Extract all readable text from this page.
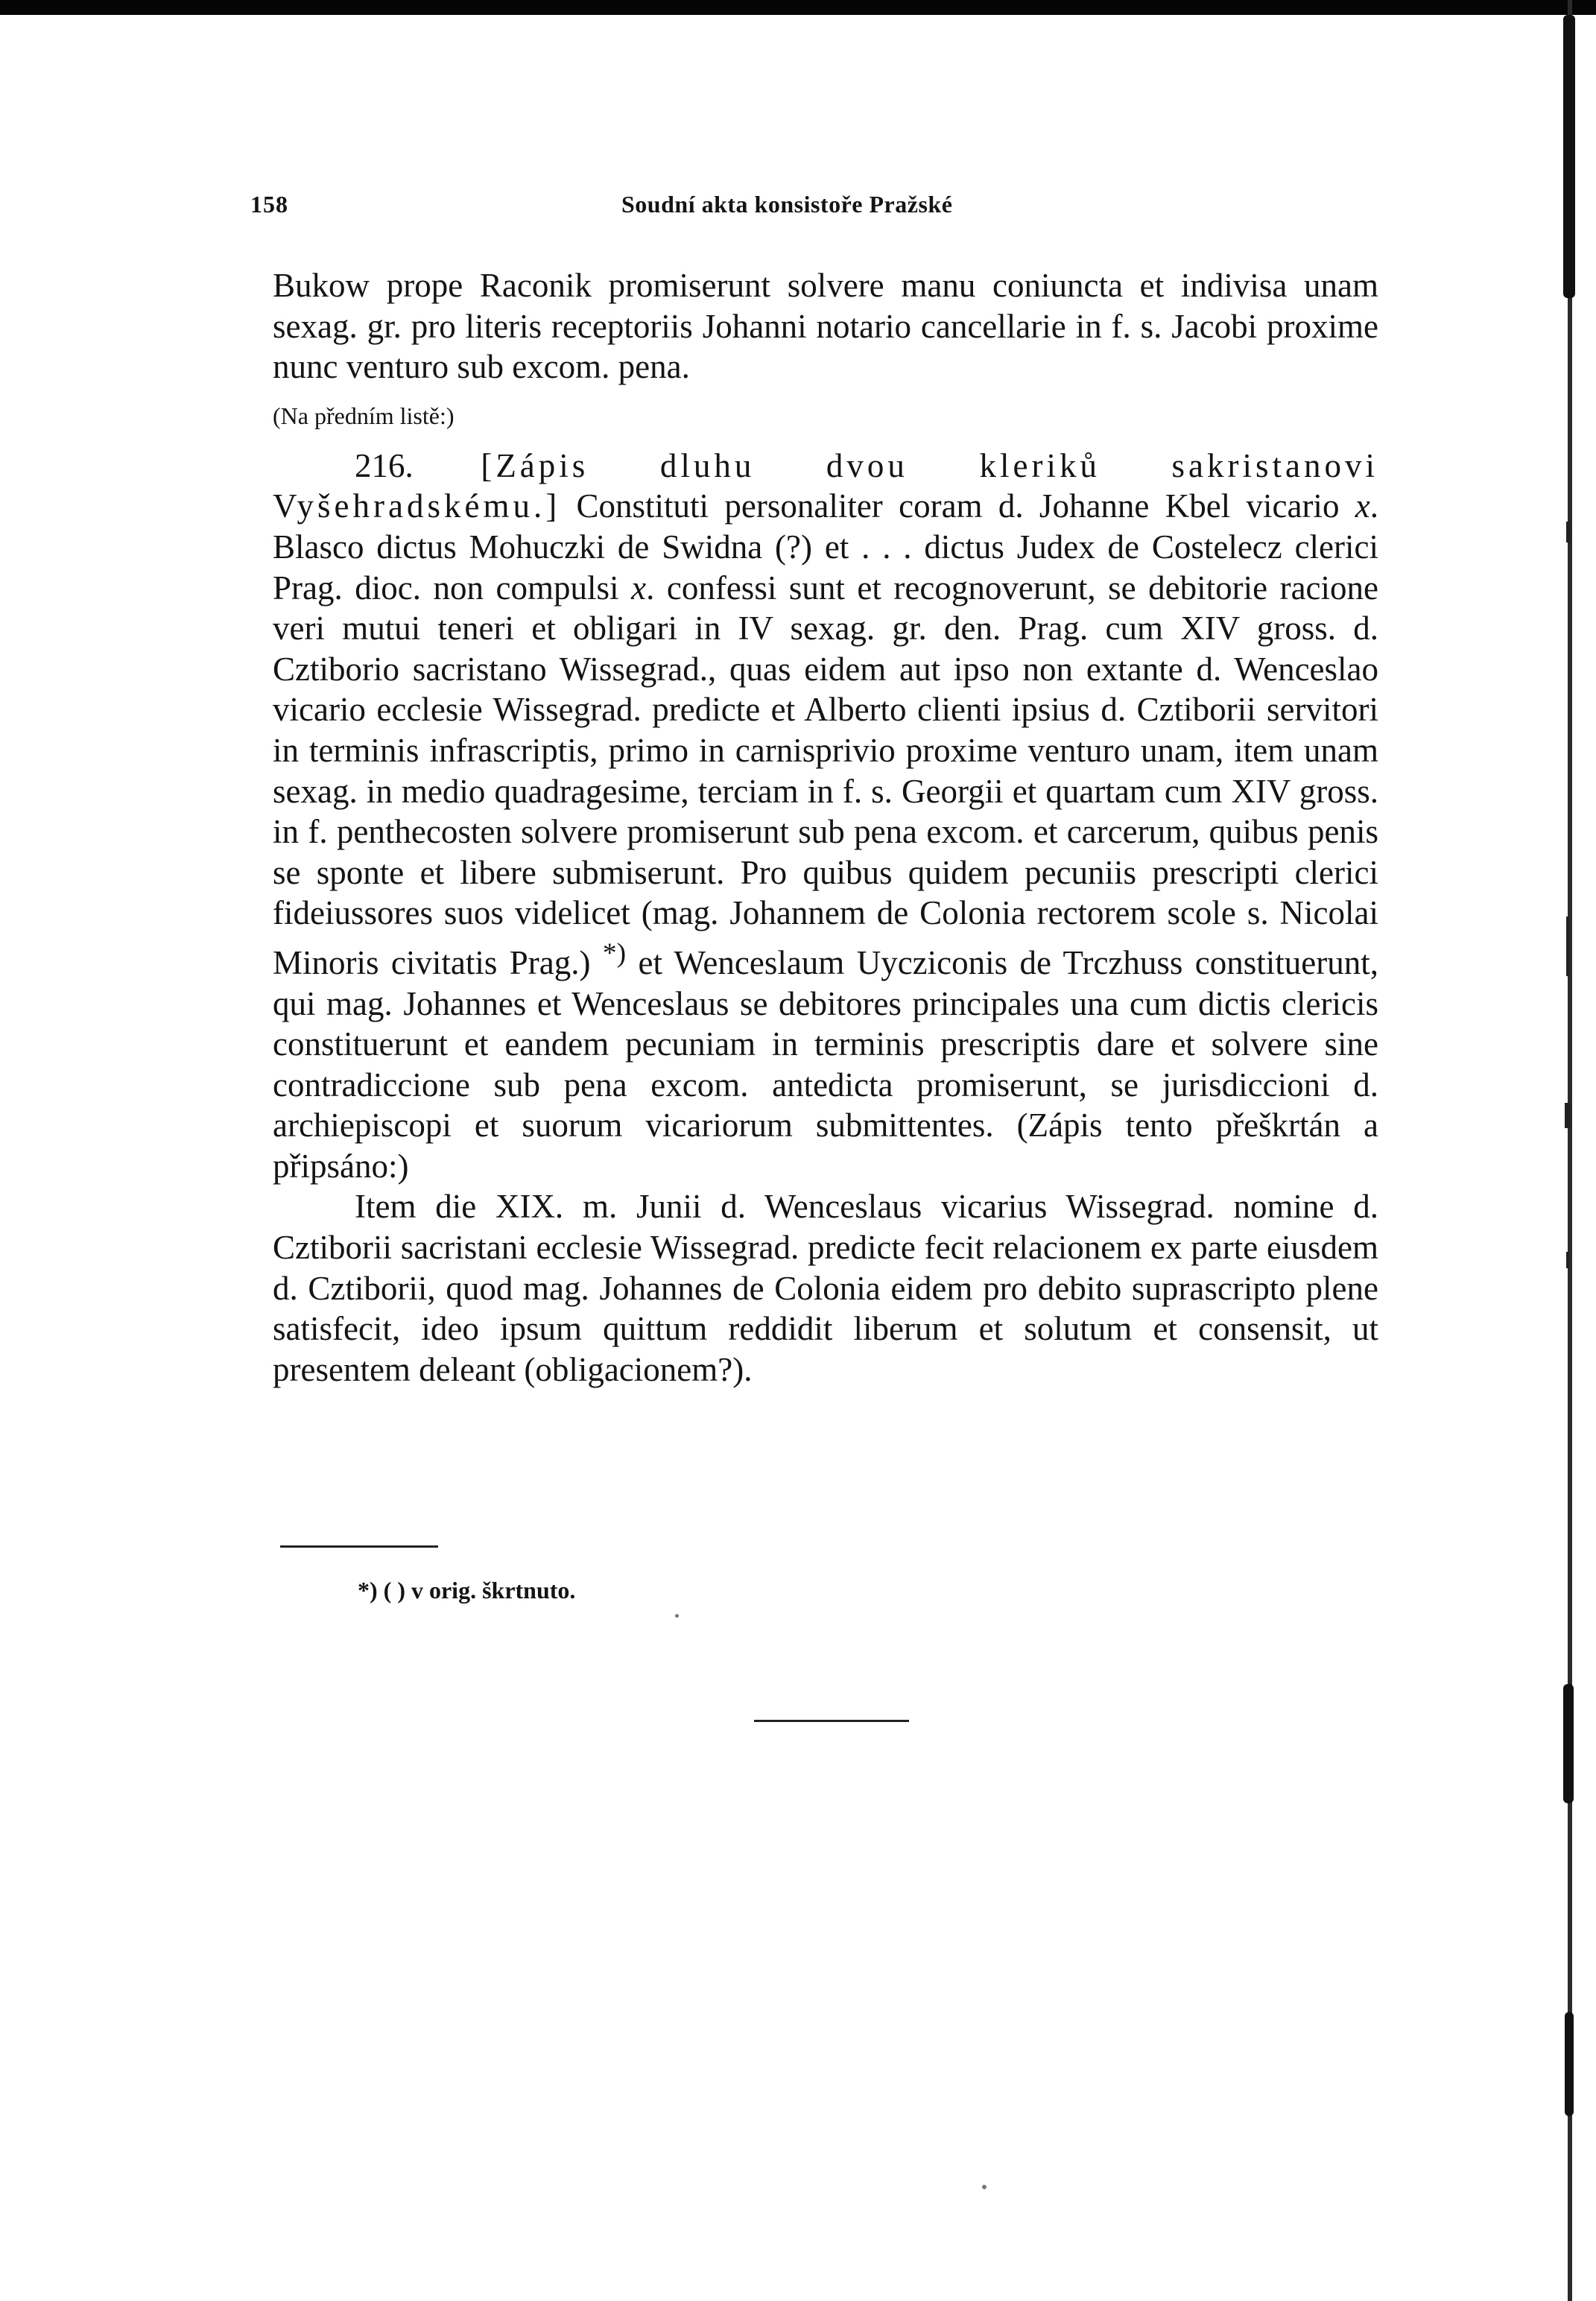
158	Soudní akta konsistoře Pražské

Bukow prope Raconik promiserunt solvere manu coniuncta et indivisa unam sexag. gr. pro literis receptoriis Johanni notario cancellarie in f. s. Jacobi proxime nunc venturo sub excom. pena.

(Na předním listě:)

216. [Zápis dluhu dvou kleriků sakristanovi Vyšehradskému.] Constituti personaliter coram d. Johanne Kbel vicario x. Blasco dictus Mohuczki de Swidna (?) et . . . dictus Judex de Costelecz clerici Prag. dioc. non compulsi x. confessi sunt et recognoverunt, se debitorie racione veri mutui teneri et obligari in IV sexag. gr. den. Prag. cum XIV gross. d. Cztiborio sacristano Wissegrad., quas eidem aut ipso non extante d. Wenceslao vicario ecclesie Wissegrad. predicte et Alberto clienti ipsius d. Cztiborii servitori in terminis infrascriptis, primo in carnisprivio proxime venturo unam, item unam sexag. in medio quadragesime, terciam in f. s. Georgii et quartam cum XIV gross. in f. penthecosten solvere promiserunt sub pena excom. et carcerum, quibus penis se sponte et libere submiserunt. Pro quibus quidem pecuniis prescripti clerici fideiussores suos videlicet (mag. Johannem de Colonia rectorem scole s. Nicolai Minoris civitatis Prag.) *) et Wenceslaum Uycziconis de Trczhuss constituerunt, qui mag. Johannes et Wenceslaus se debitores principales una cum dictis clericis constituerunt et eandem pecuniam in terminis prescriptis dare et solvere sine contradiccione sub pena excom. antedicta promiserunt, se jurisdiccioni d. archiepiscopi et suorum vicariorum submittentes. (Zápis tento přeškrtán a připsáno:)

Item die XIX. m. Junii d. Wenceslaus vicarius Wissegrad. nomine d. Cztiborii sacristani ecclesie Wissegrad. predicte fecit relacionem ex parte eiusdem d. Cztiborii, quod mag. Johannes de Colonia eidem pro debito suprascripto plene satisfecit, ideo ipsum quittum reddidit liberum et solutum et consensit, ut presentem deleant (obligacionem?).

*) ( ) v orig. škrtnuto.
